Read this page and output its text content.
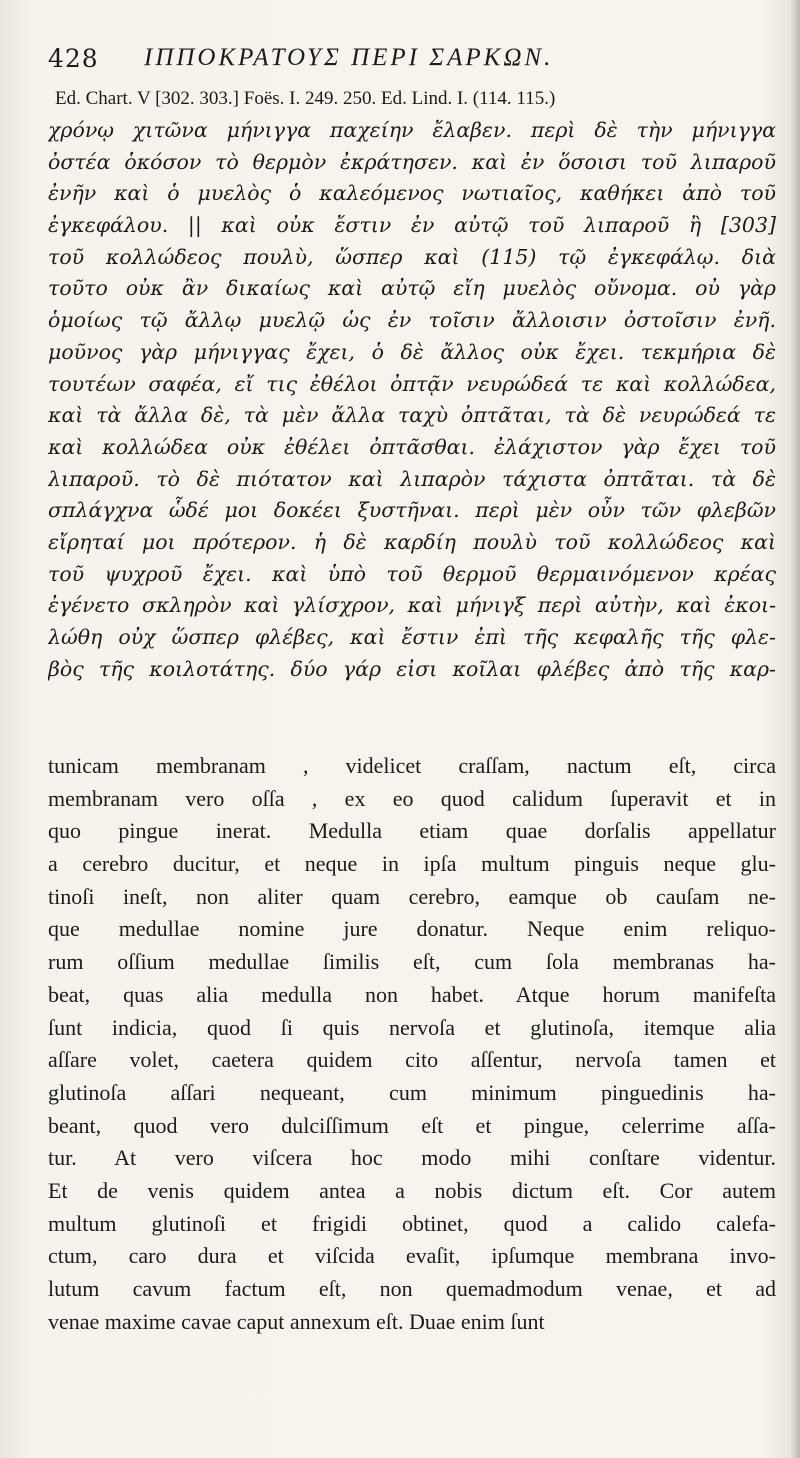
428 ΙΠΠΟΚΡΑΤΟΥΣ ΠΕΡΙ ΣΑΡΚΩΝ.
Ed. Chart. V [302. 303.] Foës. I. 249. 250. Ed. Lind. I. (114. 115.)
χρόνῳ χιτῶνα μήνιγγα παχείην ἔλαβεν. περὶ δὲ τὴν μήνιγγα
ὀστέα ὁκόσον τὸ θερμὸν ἐκράτησεν. καὶ ἐν ὅσοισι τοῦ λιπαροῦ
ἐνῆν καὶ ὁ μυελὸς ὁ καλεόμενος νωτιαῖος, καθήκει ἀπὸ τοῦ
ἐγκεφάλου. || καὶ οὐκ ἔστιν ἐν αὐτῷ τοῦ λιπαροῦ ἢ [303]
τοῦ κολλώδεος πουλὺ, ὥσπερ καὶ (115) τῷ ἐγκεφάλῳ. διὰ
τοῦτο οὐκ ἂν δικαίως καὶ αὐτῷ εἴη μυελὸς οὔνομα. οὐ γὰρ
ὁμοίως τῷ ἄλλῳ μυελῷ ὡς ἐν τοῖσιν ἄλλοισιν ὀστοῖσιν ἐνῆ.
μοῦνος γὰρ μήνιγγας ἔχει, ὁ δὲ ἄλλος οὐκ ἔχει. τεκμήρια δὲ
τουτέων σαφέα, εἴ τις ἐθέλοι ὀπτᾷν νευρώδεά τε καὶ κολλώδεα,
καὶ τὰ ἄλλα δὲ, τὰ μὲν ἄλλα ταχὺ ὀπτᾶται, τὰ δὲ νευρώδεά τε
καὶ κολλώδεα οὐκ ἐθέλει ὀπτᾶσθαι. ἐλάχιστον γὰρ ἔχει τοῦ
λιπαροῦ. τὸ δὲ πιότατον καὶ λιπαρὸν τάχιστα ὀπτᾶται. τὰ δὲ
σπλάγχνα ὧδέ μοι δοκέει ξυστῆναι. περὶ μὲν οὖν τῶν φλεβῶν
εἴρηταί μοι πρότερον. ἡ δὲ καρδίη πουλὺ τοῦ κολλώδεος καὶ
τοῦ ψυχροῦ ἔχει. καὶ ὑπὸ τοῦ θερμοῦ θερμαινόμενον κρέας
ἐγένετο σκληρὸν καὶ γλίσχρον, καὶ μήνιγξ περὶ αὐτὴν, καὶ ἐκοι-
λώθη οὐχ ὥσπερ φλέβες, καὶ ἔστιν ἐπὶ τῆς κεφαλῆς τῆς φλε-
βὸς τῆς κοιλοτάτης. δύο γάρ εἰσι κοῖλαι φλέβες ἀπὸ τῆς καρ-
tunicam membranam , videlicet craſſam, nactum eſt, circa
membranam vero oſſa , ex eo quod calidum ſuperavit et in
quo pingue inerat. Medulla etiam quae dorſalis appellatur
a cerebro ducitur, et neque in ipſa multum pinguis neque glu-
tinoſi ineſt, non aliter quam cerebro, eamque ob cauſam ne-
que medullae nomine jure donatur. Neque enim reliquo-
rum oſſium medullae ſimilis eſt, cum ſola membranas ha-
beat, quas alia medulla non habet. Atque horum manifeſta
ſunt indicia, quod ſi quis nervoſa et glutinoſa, itemque alia
aſſare volet, caetera quidem cito aſſentur, nervoſa tamen et
glutinoſa aſſari nequeant, cum minimum pinguedinis ha-
beant, quod vero dulciſſimum eſt et pingue, celerrime aſſa-
tur. At vero viſcera hoc modo mihi conſtare videntur.
Et de venis quidem antea a nobis dictum eſt. Cor autem
multum glutinoſi et frigidi obtinet, quod a calido calefa-
ctum, caro dura et viſcida evaſit, ipſumque membrana invo-
lutum cavum factum eſt, non quemadmodum venae, et ad
venae maxime cavae caput annexum eſt. Duae enim ſunt
